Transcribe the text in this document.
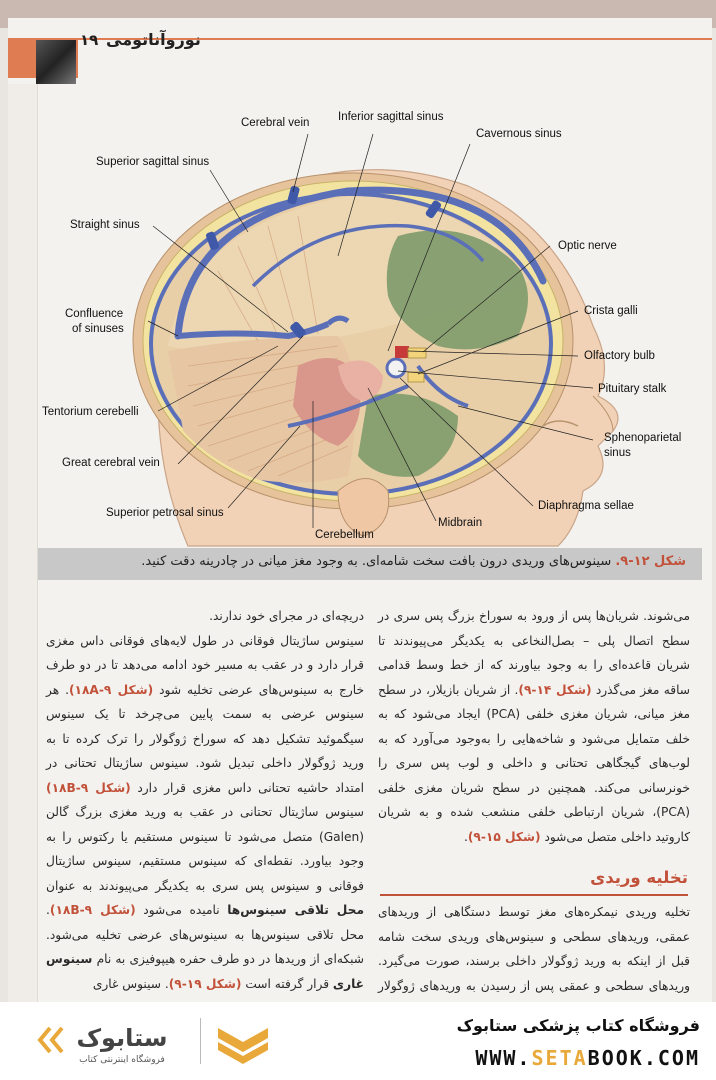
۱۹ نوروآناتومی
Cerebral vein Inferior sagittal sinus
Cavernous sinus
Superior sagittal sinus
Straight sinus
Optic nerve
Confluence
of sinuses
Crista galli
Olfactory bulb
Pituitary stalk
Tentorium cerebelli
Sphenoparietal
sinus
Great cerebral vein
Diaphragma sellae
Superior petrosal sinus
Midbrain
Cerebellum
شکل ۱۲-۹. سینوس‌های وریدی درون بافت سخت شامه‌ای. به وجود مغز میانی در چادرینه دقت کنید.
می‌شوند. شریان‌ها پس از ورود به سوراخ بزرگ پس سری در سطح اتصال پلی – بصل‌النخاعی به یکدیگر می‌پیوندند تا شریان قاعده‌ای را به وجود بیاورند که از خط وسط قدامی ساقه مغز می‌گذرد (شکل ۱۴-۹). از شریان بازیلار، در سطح مغز میانی، شریان مغزی خلفی (PCA) ایجاد می‌شود که به خلف متمایل می‌شود و شاخه‌هایی را به‌وجود می‌آورد که به لوب‌های گیجگاهی تحتانی و داخلی و لوب پس سری را خونرسانی می‌کند. همچنین در سطح شریان مغزی خلفی (PCA)، شریان ارتباطی خلفی منشعب شده و به شریان کاروتید داخلی متصل می‌شود (شکل ۱۵-۹).
تخلیه وریدی
تخلیه وریدی نیمکره‌های مغز توسط دستگاهی از وریدهای عمقی، وریدهای سطحی و سینوس‌های وریدی سخت شامه قبل از اینکه به ورید ژوگولار داخلی برسند، صورت می‌گیرد. وریدهای سطحی و عمقی پس از رسیدن به وریدهای ژوگولار
دریچه‌ای در مجرای خود ندارند.
سینوس ساژیتال فوقانی در طول لایه‌های فوقانی داس مغزی قرار دارد و در عقب به مسیر خود ادامه می‌دهد تا در دو طرف خارج به سینوس‌های عرضی تخلیه شود (شکل ۱۸A-۹). هر سینوس عرضی به سمت پایین می‌چرخد تا یک سینوس سیگموئید تشکیل دهد که سوراخ ژوگولار را ترک کرده تا به ورید ژوگولار داخلی تبدیل شود. سینوس ساژیتال تحتانی در امتداد حاشیه تحتانی داس مغزی قرار دارد (شکل ۱۸B-۹) سینوس ساژیتال تحتانی در عقب به ورید مغزی بزرگ گالن (Galen) متصل می‌شود تا سینوس مستقیم یا رکتوس را به وجود بیاورد. نقطه‌ای که سینوس مستقیم، سینوس ساژیتال فوقانی و سینوس پس سری به یکدیگر می‌پیوندند به عنوان محل تلاقی سینوس‌ها نامیده می‌شود (شکل ۱۸B-۹). محل تلاقی سینوس‌ها به سینوس‌های عرضی تخلیه می‌شود. شبکه‌ای از وریدها در دو طرف حفره هیپوفیزی به نام سینوس غاری قرار گرفته است (شکل ۱۹-۹). سینوس غاری
ستابوک
فروشگاه اینترنتی کتاب
فروشگاه کتاب پزشکی ستابوک
WWW.SETABOOK.COM
